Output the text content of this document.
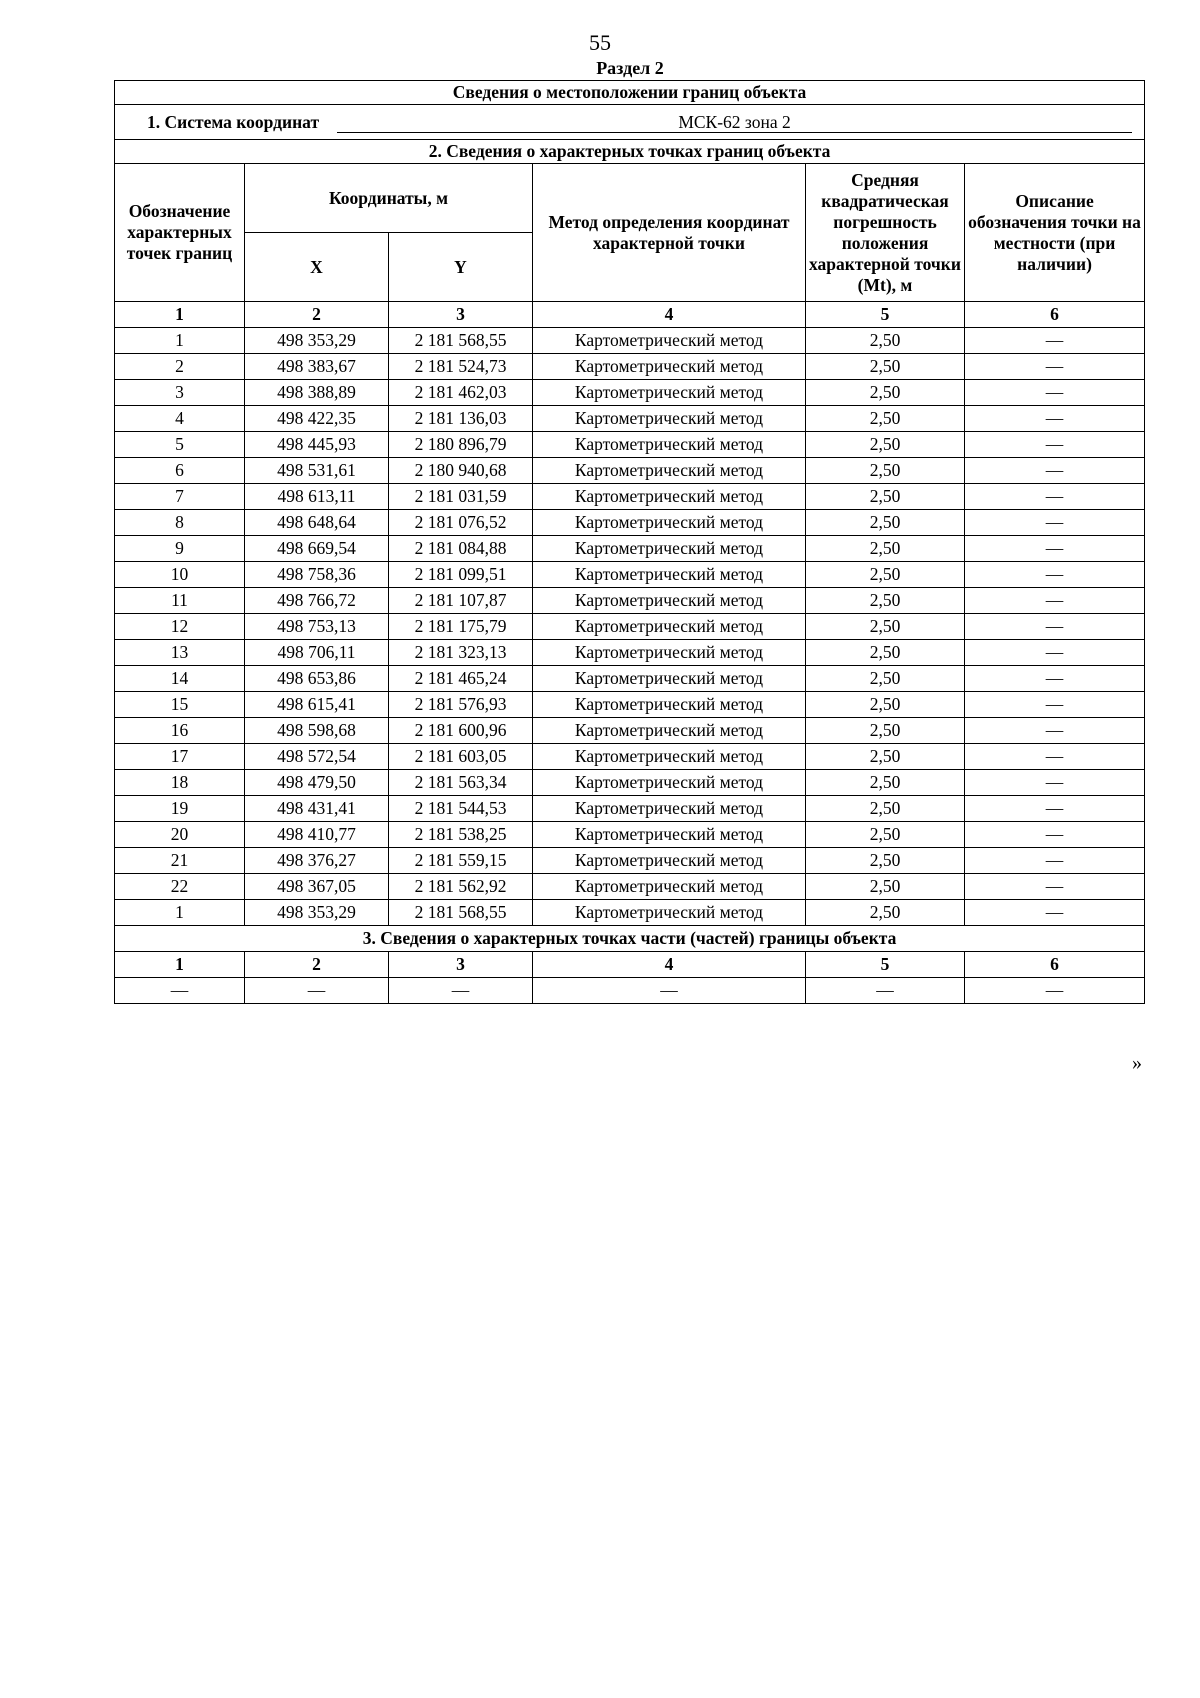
55
Раздел 2
Сведения о местоположении границ объекта					
1. Система координат МСК-62 зона 2					
2. Сведения о характерных точках границ объекта					
Обозначение характерных точек границ	Координаты, м		Метод определения координат характерной точки	Средняя квадратическая погрешность положения характерной точки (Mt), м	Описание обозначения точки на местности (при наличии)
	X	Y			
1	2	3	4	5	6
1	498 353,29	2 181 568,55	Картометрический метод	2,50	—
2	498 383,67	2 181 524,73	Картометрический метод	2,50	—
3	498 388,89	2 181 462,03	Картометрический метод	2,50	—
4	498 422,35	2 181 136,03	Картометрический метод	2,50	—
5	498 445,93	2 180 896,79	Картометрический метод	2,50	—
6	498 531,61	2 180 940,68	Картометрический метод	2,50	—
7	498 613,11	2 181 031,59	Картометрический метод	2,50	—
8	498 648,64	2 181 076,52	Картометрический метод	2,50	—
9	498 669,54	2 181 084,88	Картометрический метод	2,50	—
10	498 758,36	2 181 099,51	Картометрический метод	2,50	—
11	498 766,72	2 181 107,87	Картометрический метод	2,50	—
12	498 753,13	2 181 175,79	Картометрический метод	2,50	—
13	498 706,11	2 181 323,13	Картометрический метод	2,50	—
14	498 653,86	2 181 465,24	Картометрический метод	2,50	—
15	498 615,41	2 181 576,93	Картометрический метод	2,50	—
16	498 598,68	2 181 600,96	Картометрический метод	2,50	—
17	498 572,54	2 181 603,05	Картометрический метод	2,50	—
18	498 479,50	2 181 563,34	Картометрический метод	2,50	—
19	498 431,41	2 181 544,53	Картометрический метод	2,50	—
20	498 410,77	2 181 538,25	Картометрический метод	2,50	—
21	498 376,27	2 181 559,15	Картометрический метод	2,50	—
22	498 367,05	2 181 562,92	Картометрический метод	2,50	—
1	498 353,29	2 181 568,55	Картометрический метод	2,50	—
3. Сведения о характерных точках части (частей) границы объекта					
1	2	3	4	5	6
—	—	—	—	—	—
»
